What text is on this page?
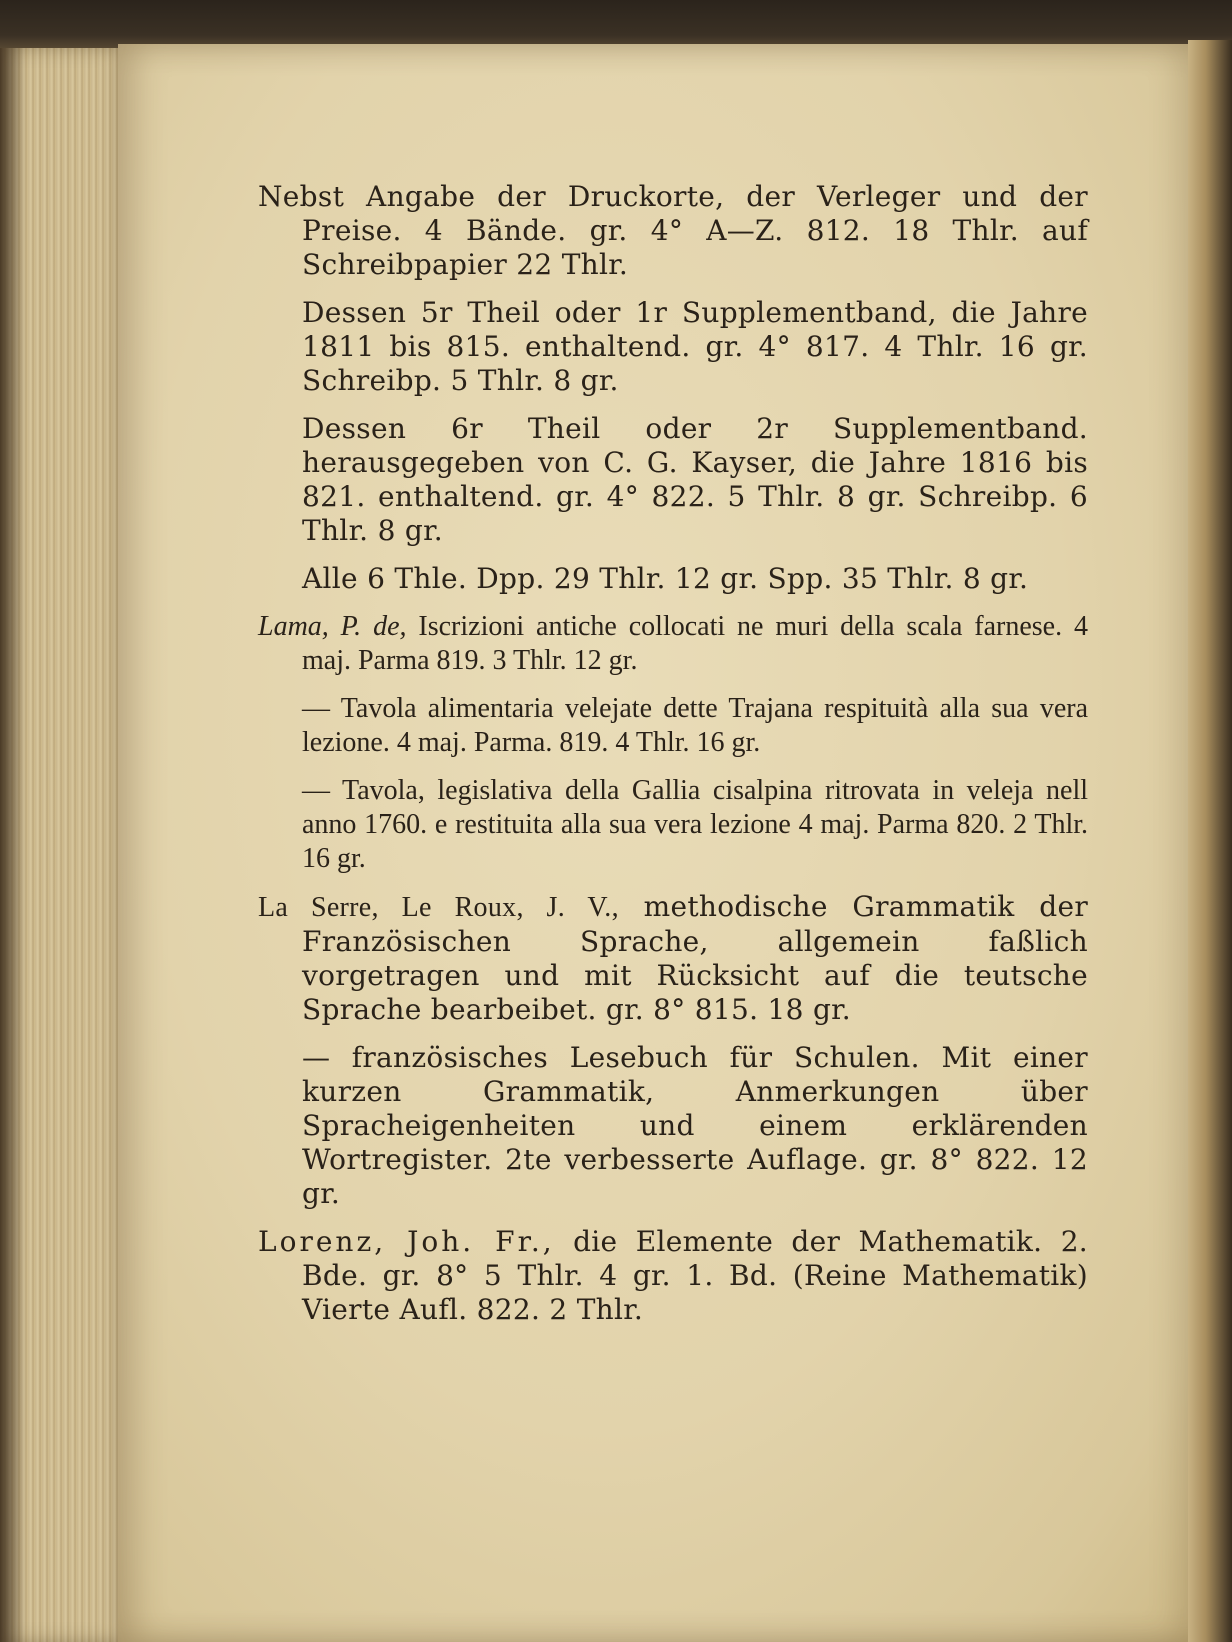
Nebst Angabe der Druckorte, der Verleger und der Preise. 4 Bände. gr. 4° A—Z. 812. 18 Thlr. auf Schreibpapier 22 Thlr.

Dessen 5r Theil oder 1r Supplementband, die Jahre 1811 bis 815. enthaltend. gr. 4° 817. 4 Thlr. 16 gr. Schreibp. 5 Thlr. 8 gr.

Dessen 6r Theil oder 2r Supplementband. herausgegeben von C. G. Kayser, die Jahre 1816 bis 821. enthaltend. gr. 4° 822. 5 Thlr. 8 gr. Schreibp. 6 Thlr. 8 gr.

Alle 6 Thle. Dpp. 29 Thlr. 12 gr. Spp. 35 Thlr. 8 gr.

Lama, P. de, Iscrizioni antiche collocati ne muri della scala farnese. 4 maj. Parma 819. 3 Thlr. 12 gr.

— Tavola alimentaria velejate dette Trajana respituità alla sua vera lezione. 4 maj. Parma. 819. 4 Thlr. 16 gr.

— Tavola, legislativa della Gallia cisalpina ritrovata in veleja nell anno 1760. e restituita alla sua vera lezione 4 maj. Parma 820. 2 Thlr. 16 gr.

La Serre, Le Roux, J. V., methodische Grammatik der Französischen Sprache, allgemein faßlich vorgetragen und mit Rücksicht auf die teutsche Sprache bearbeibet. gr. 8° 815. 18 gr.

— französisches Lesebuch für Schulen. Mit einer kurzen Grammatik, Anmerkungen über Spracheigenheiten und einem erklärenden Wortregister. 2te verbesserte Auflage. gr. 8° 822. 12 gr.

Lorenz, Joh. Fr., die Elemente der Mathematik. 2. Bde. gr. 8° 5 Thlr. 4 gr. 1. Bd. (Reine Mathematik) Vierte Aufl. 822. 2 Thlr.
